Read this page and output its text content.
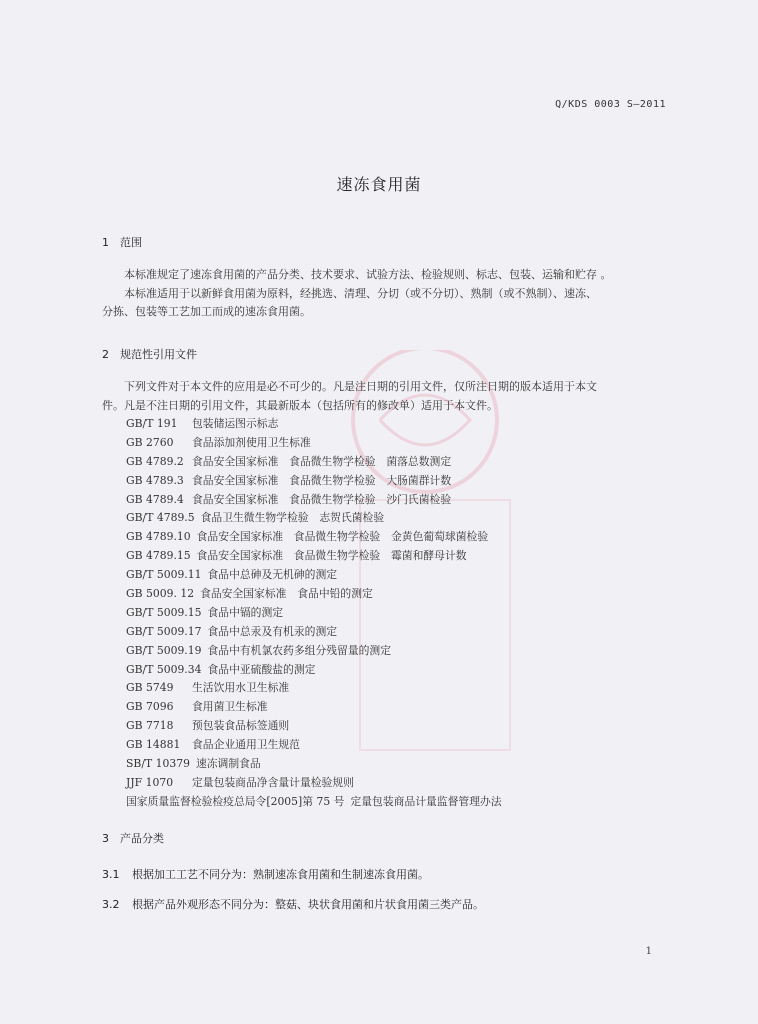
Q/KDS 0003 S—2011
速冻食用菌
1 范围
本标准规定了速冻食用菌的产品分类、技术要求、试验方法、检验规则、标志、包装、运输和贮存 。
本标准适用于以新鲜食用菌为原料，经挑选、清理、分切（或不分切）、熟制（或不熟制）、速冻、
分拣、包装等工艺加工而成的速冻食用菌。
2 规范性引用文件
下列文件对于本文件的应用是必不可少的。凡是注日期的引用文件，仅所注日期的版本适用于本文
件。凡是不注日期的引用文件，其最新版本（包括所有的修改单）适用于本文件。
GB/T 191 包装储运图示标志
GB 2760 食品添加剂使用卫生标准
GB 4789.2 食品安全国家标准　食品微生物学检验　菌落总数测定
GB 4789.3 食品安全国家标准　食品微生物学检验　大肠菌群计数
GB 4789.4 食品安全国家标准　食品微生物学检验　沙门氏菌检验
GB/T 4789.5 食品卫生微生物学检验　志贺氏菌检验
GB 4789.10 食品安全国家标准　食品微生物学检验　金黄色葡萄球菌检验
GB 4789.15 食品安全国家标准　食品微生物学检验　霉菌和酵母计数
GB/T 5009.11 食品中总砷及无机砷的测定
GB 5009. 12 食品安全国家标准　食品中铅的测定
GB/T 5009.15 食品中镉的测定
GB/T 5009.17 食品中总汞及有机汞的测定
GB/T 5009.19 食品中有机氯农药多组分残留量的测定
GB/T 5009.34 食品中亚硫酸盐的测定
GB 5749 生活饮用水卫生标准
GB 7096 食用菌卫生标准
GB 7718 预包装食品标签通则
GB 14881 食品企业通用卫生规范
SB/T 10379 速冻调制食品
JJF 1070 定量包装商品净含量计量检验规则
国家质量监督检验检疫总局令[2005]第 75 号 定量包装商品计量监督管理办法
3 产品分类
3.1 根据加工工艺不同分为：熟制速冻食用菌和生制速冻食用菌。
3.2 根据产品外观形态不同分为：整菇、块状食用菌和片状食用菌三类产品。
1
